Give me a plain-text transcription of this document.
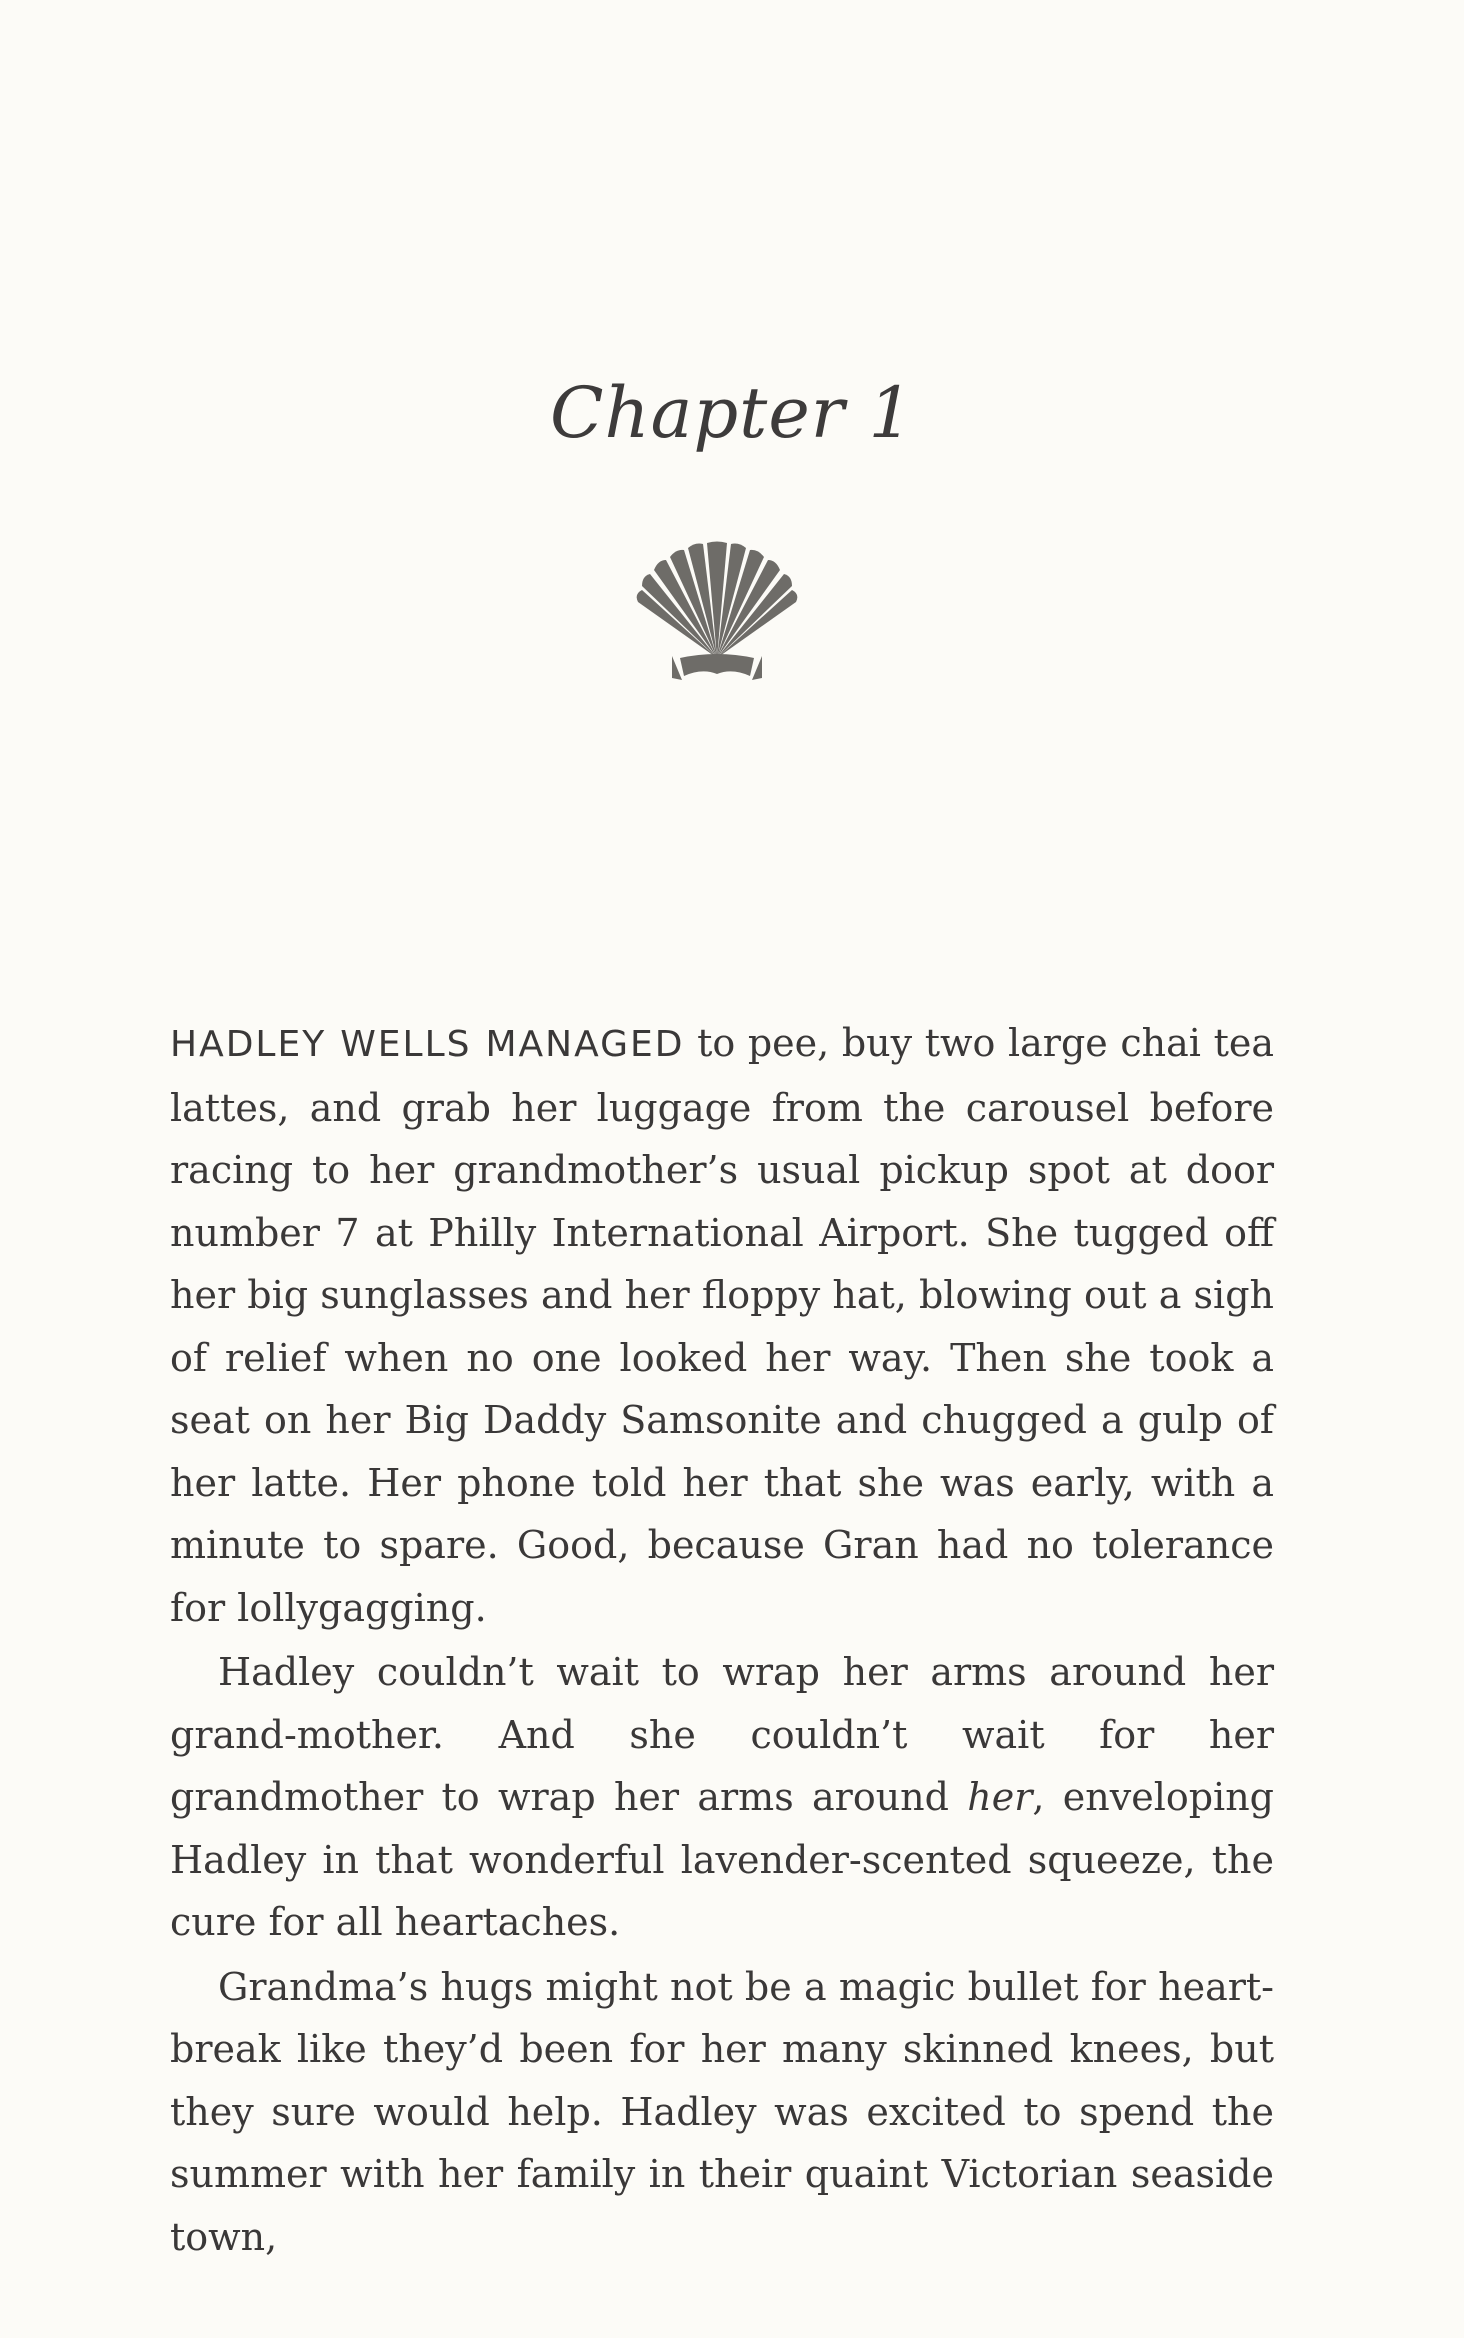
Chapter 1

HADLEY WELLS MANAGED to pee, buy two large chai tea lattes, and grab her luggage from the carousel before racing to her grandmother’s usual pickup spot at door number 7 at Philly International Airport. She tugged off her big sunglasses and her floppy hat, blowing out a sigh of relief when no one looked her way. Then she took a seat on her Big Daddy Samsonite and chugged a gulp of her latte. Her phone told her that she was early, with a minute to spare. Good, because Gran had no tolerance for lollygagging.

Hadley couldn’t wait to wrap her arms around her grand-mother. And she couldn’t wait for her grandmother to wrap her arms around her, enveloping Hadley in that wonderful lavender-scented squeeze, the cure for all heartaches.

Grandma’s hugs might not be a magic bullet for heart-break like they’d been for her many skinned knees, but they sure would help. Hadley was excited to spend the summer with her family in their quaint Victorian seaside town,
